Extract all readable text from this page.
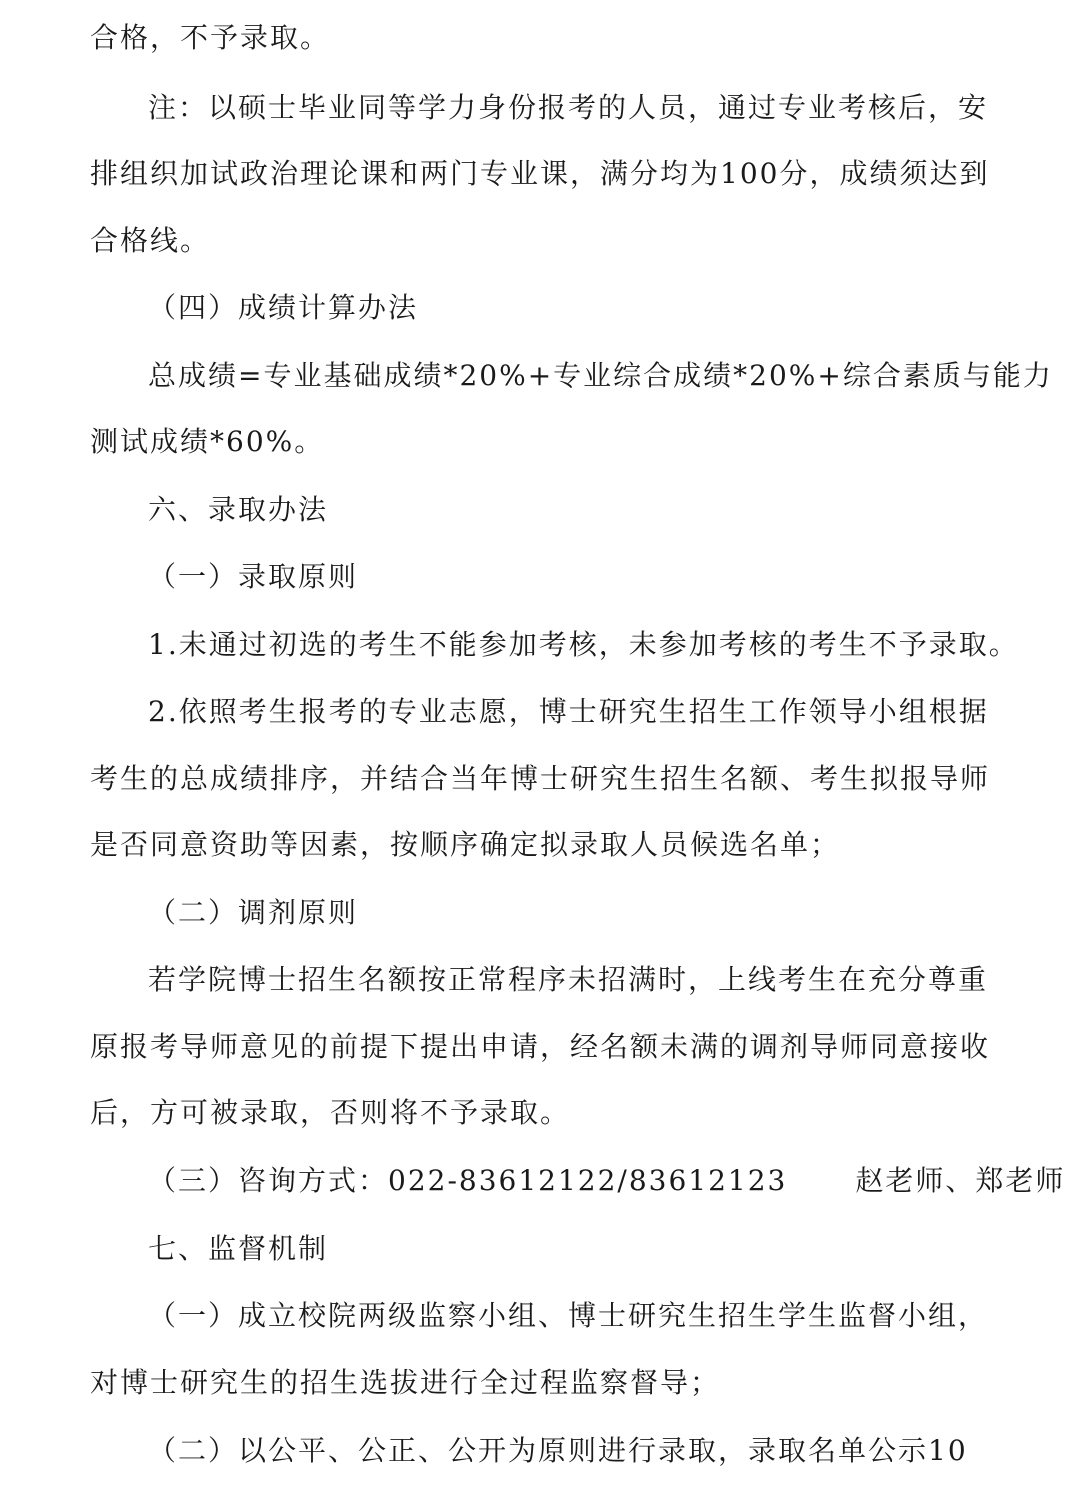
合格，不予录取。

注：以硕士毕业同等学力身份报考的人员，通过专业考核后，安

排组织加试政治理论课和两门专业课，满分均为100分，成绩须达到

合格线。

（四）成绩计算办法

总成绩=专业基础成绩*20%+专业综合成绩*20%+综合素质与能力

测试成绩*60%。

六、录取办法

（一）录取原则

1.未通过初选的考生不能参加考核，未参加考核的考生不予录取。

2.依照考生报考的专业志愿，博士研究生招生工作领导小组根据

考生的总成绩排序，并结合当年博士研究生招生名额、考生拟报导师

是否同意资助等因素，按顺序确定拟录取人员候选名单；

（二）调剂原则

若学院博士招生名额按正常程序未招满时，上线考生在充分尊重

原报考导师意见的前提下提出申请，经名额未满的调剂导师同意接收

后，方可被录取，否则将不予录取。

（三）咨询方式：022-83612122/83612123 赵老师、郑老师

七、监督机制

（一）成立校院两级监察小组、博士研究生招生学生监督小组，

对博士研究生的招生选拔进行全过程监察督导；

（二）以公平、公正、公开为原则进行录取，录取名单公示10
